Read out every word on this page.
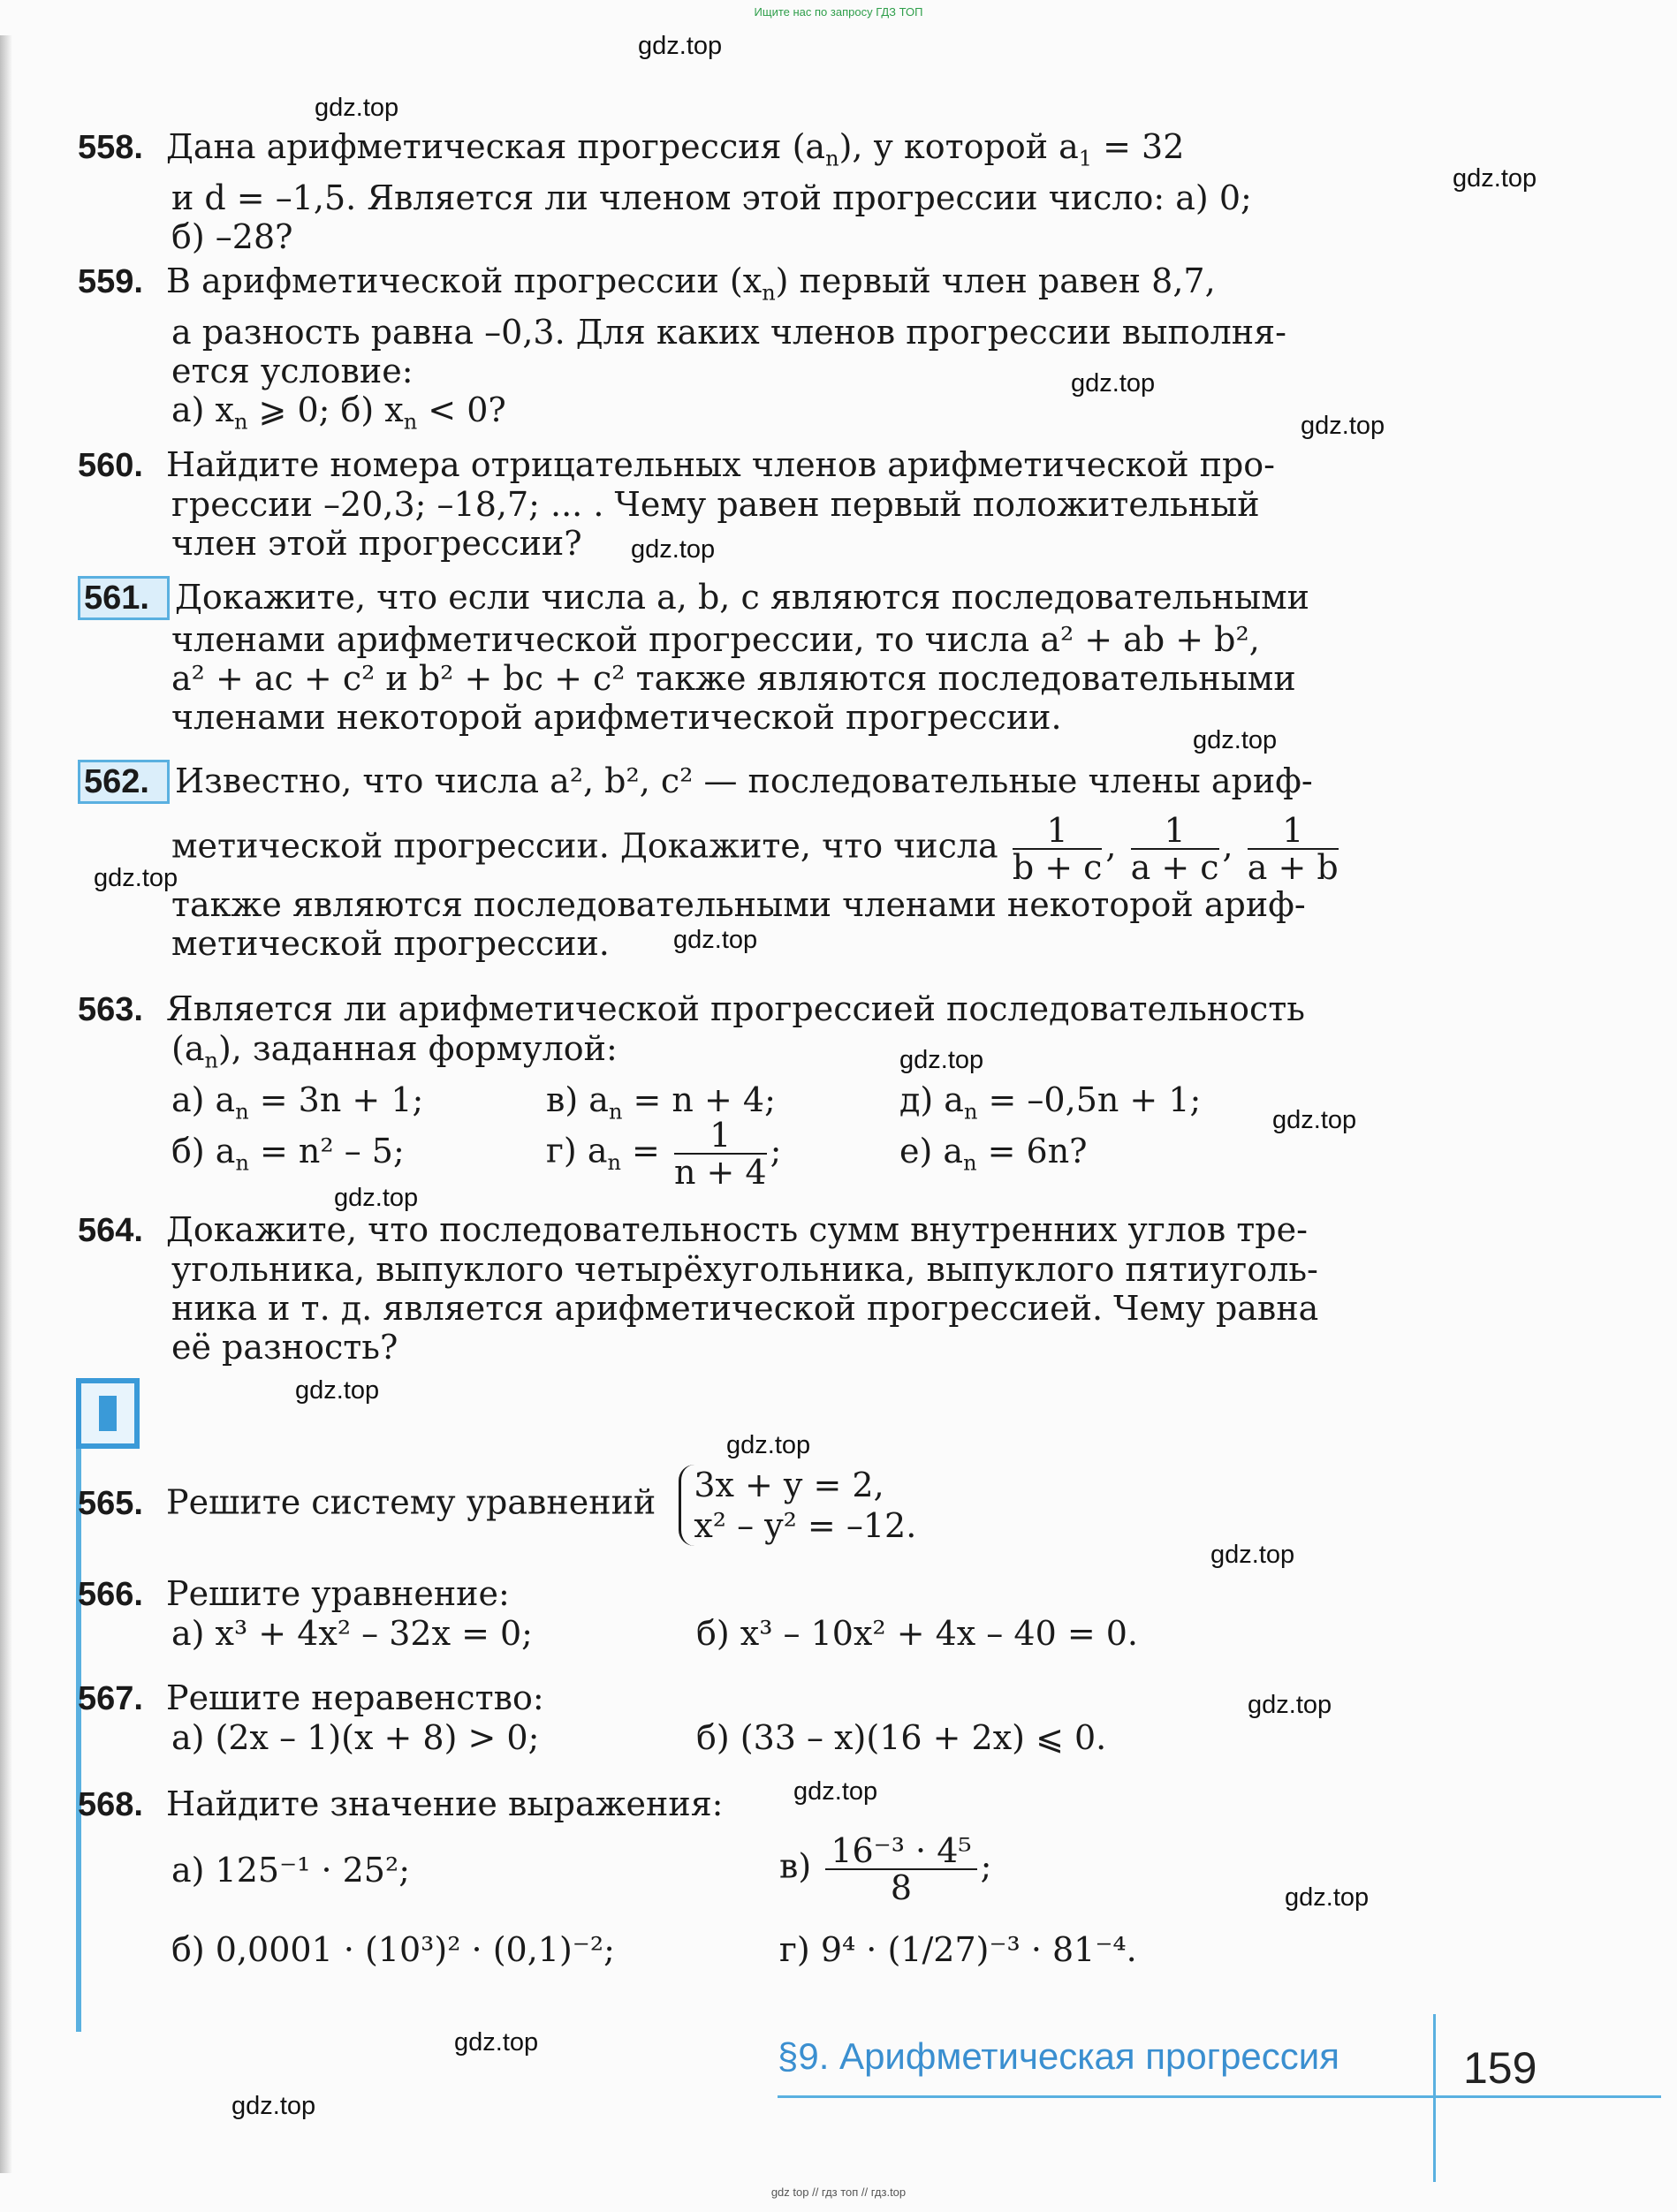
Ищите нас по запросу ГДЗ ТОП
gdz.top
gdz.top
gdz.top
gdz.top
gdz.top
gdz.top
gdz.top
gdz.top
gdz.top
gdz.top
gdz.top
gdz.top
gdz.top
gdz.top
gdz.top
gdz.top
gdz.top
gdz.top
gdz.top
gdz.top
558. Дана арифметическая прогрессия $(a_n)$, у которой $a_1 = 32$
и d = –1,5. Является ли членом этой прогрессии число: а) 0;
б) –28?
559. В арифметической прогрессии $(x_n)$ первый член равен 8,7,
а разность равна –0,3. Для каких членов прогрессии выполня-
ется условие:
а) $x_n$ ⩾ 0; б) $x_n < 0$?
560. Найдите номера отрицательных членов арифметической про-
грессии –20,3; –18,7; ... . Чему равен первый положительный
член этой прогрессии?
561. Докажите, что если числа a, b, c являются последовательными
членами арифметической прогрессии, то числа a² + ab + b²,
a² + ac + c² и b² + bc + c² также являются последовательными
членами некоторой арифметической прогрессии.
562. Известно, что числа a², b², c² — последовательные члены ариф-
метической прогрессии. Докажите, что числа $\frac{1}{b + c}$ , $\frac{1}{a + c}$ , $\frac{1}{a + b}$
также являются последовательными членами некоторой ариф-
метической прогрессии.
563. Является ли арифметической прогрессией последовательность
$(a_n)$, заданная формулой:
а) $a_n = 3n + 1$;	в) $a_n = n + 4$;	д) $a_n = -0,5n + 1$;
б) $a_n = n^2 - 5$;	г) $a_n = \frac{1}{n + 4}$ ;	е) $a_n = 6n$?
564. Докажите, что последовательность сумм внутренних углов тре-
угольника, выпуклого четырёхугольника, выпуклого пятиуголь-
ника и т. д. является арифметической прогрессией. Чему равна
её разность?
565. Решите систему уравнений 3x + y = 2,
x² – y² = –12.
566. Решите уравнение:
а) x³ + 4x² – 32x = 0;	б) x³ – 10x² + 4x – 40 = 0.
567. Решите неравенство:
а) (2x – 1)(x + 8) > 0;	б) (33 – x)(16 + 2x) ⩽ 0.
568. Найдите значение выражения:
а) 125⁻¹ · 25²;	$в) \frac{\text{16⁻³ · 4⁵}}{8}$ ;
б) 0,0001 · (10³)² · (0,1)⁻²;	г) 9⁴ · (1/27)⁻³ · 81⁻⁴.
§9. Арифметическая прогрессия	159
gdz top // гдз топ // гдз.top
